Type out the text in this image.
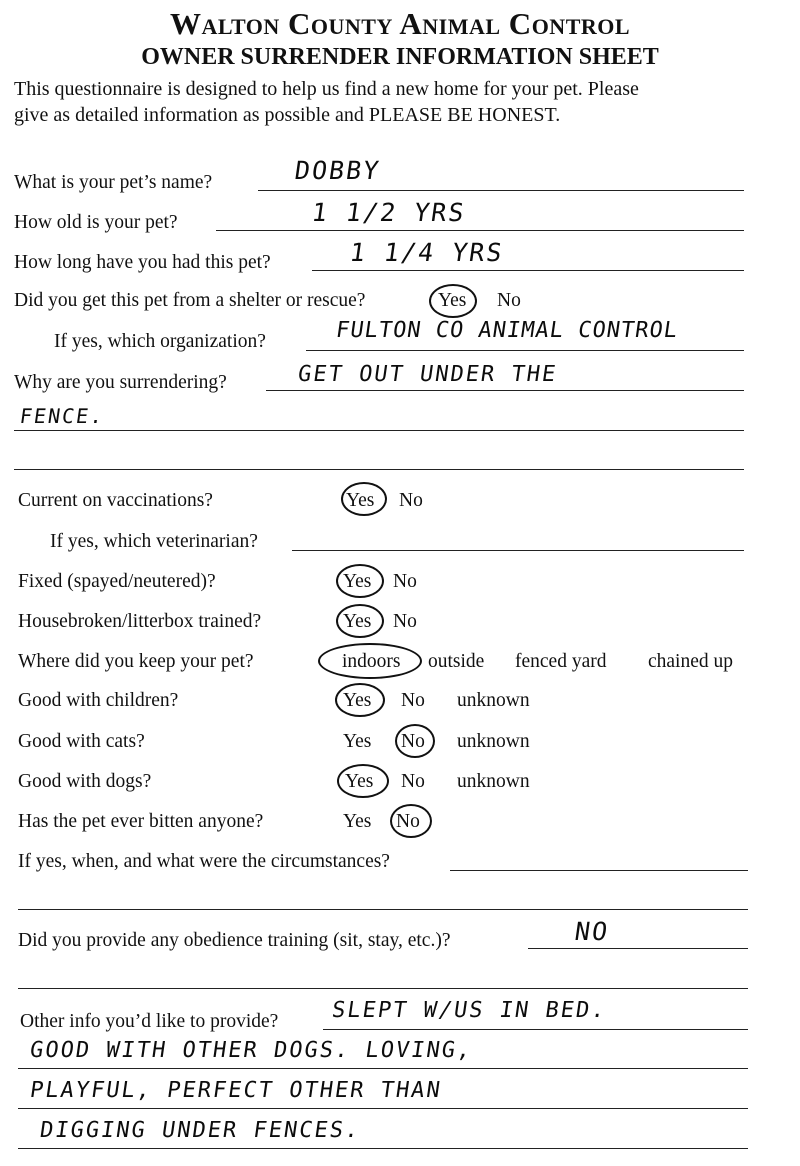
Walton County Animal Control
OWNER SURRENDER INFORMATION SHEET
This questionnaire is designed to help us find a new home for your pet. Please
give as detailed information as possible and PLEASE BE HONEST.
What is your pet’s name?	DOBBY
How old is your pet?	1 1/2 YRS
How long have you had this pet?	1 1/4 YRS
Did you get this pet from a shelter or rescue?	Yes No
If yes, which organization?	FULTON CO ANIMAL CONTROL
Why are you surrendering?	GET OUT UNDER THE
FENCE.
Current on vaccinations?	Yes No
If yes, which veterinarian?
Fixed (spayed/neutered)?	Yes No
Housebroken/litterbox trained?	Yes No
Where did you keep your pet?	indoors outside fenced yard chained up
Good with children?	Yes No unknown
Good with cats?	Yes No unknown
Good with dogs?	Yes No unknown
Has the pet ever bitten anyone?	Yes No
If yes, when, and what were the circumstances?
Did you provide any obedience training (sit, stay, etc.)?	NO
Other info you’d like to provide? SLEPT W/US IN BED.
GOOD WITH OTHER DOGS. LOVING,
PLAYFUL, PERFECT OTHER THAN
DIGGING UNDER FENCES.
